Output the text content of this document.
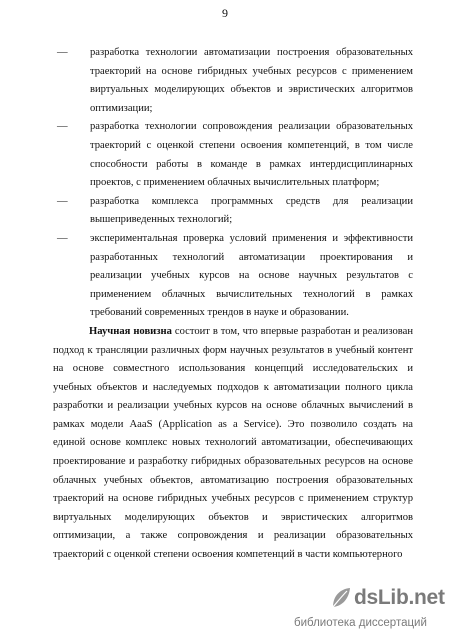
9
— разработка технологии автоматизации построения образовательных траекторий на основе гибридных учебных ресурсов с применением виртуальных моделирующих объектов и эвристических алгоритмов оптимизации;
— разработка технологии сопровождения реализации образовательных траекторий с оценкой степени освоения компетенций, в том числе способности работы в команде в рамках интердисциплинарных проектов, с применением облачных вычислительных платформ;
— разработка комплекса программных средств для реализации вышеприведенных технологий;
— экспериментальная проверка условий применения и эффективности разработанных технологий автоматизации проектирования и реализации учебных курсов на основе научных результатов с применением облачных вычислительных технологий в рамках требований современных трендов в науке и образовании.
Научная новизна состоит в том, что впервые разработан и реализован подход к трансляции различных форм научных результатов в учебный контент на основе совместного использования концепций исследовательских и учебных объектов и наследуемых подходов к автоматизации полного цикла разработки и реализации учебных курсов на основе облачных вычислений в рамках модели AaaS (Application as a Service). Это позволило создать на единой основе комплекс новых технологий автоматизации, обеспечивающих проектирование и разработку гибридных образовательных ресурсов на основе облачных учебных объектов, автоматизацию построения образовательных траекторий на основе гибридных учебных ресурсов с применением структур виртуальных моделирующих объектов и эвристических алгоритмов оптимизации, а также сопровождения и реализации образовательных траекторий с оценкой степени освоения компетенций в части компьютерного
dsLib.net
библиотека диссертаций
